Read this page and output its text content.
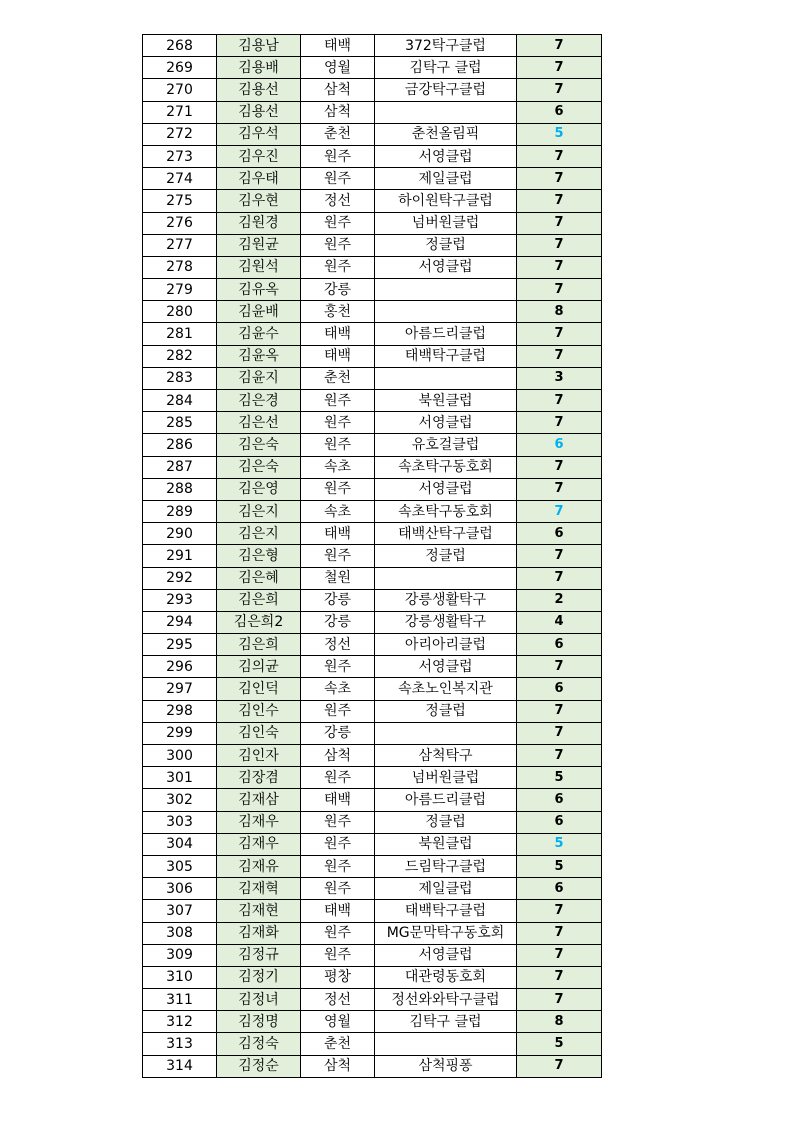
268	김용남	태백	372탁구클럽	7
269	김용배	영월	김탁구 클럽	7
270	김용선	삼척	금강탁구클럽	7
271	김용선	삼척		6
272	김우석	춘천	춘천올림픽	5
273	김우진	원주	서영클럽	7
274	김우태	원주	제일클럽	7
275	김우현	정선	하이원탁구클럽	7
276	김원경	원주	넘버원클럽	7
277	김원균	원주	정클럽	7
278	김원석	원주	서영클럽	7
279	김유옥	강릉		7
280	김윤배	홍천		8
281	김윤수	태백	아름드리클럽	7
282	김윤옥	태백	태백탁구클럽	7
283	김윤지	춘천		3
284	김은경	원주	북원클럽	7
285	김은선	원주	서영클럽	7
286	김은숙	원주	유호걸클럽	6
287	김은숙	속초	속초탁구동호회	7
288	김은영	원주	서영클럽	7
289	김은지	속초	속초탁구동호회	7
290	김은지	태백	태백산탁구클럽	6
291	김은형	원주	정클럽	7
292	김은혜	철원		7
293	김은희	강릉	강릉생활탁구	2
294	김은희2	강릉	강릉생활탁구	4
295	김은희	정선	아리아리클럽	6
296	김의균	원주	서영클럽	7
297	김인덕	속초	속초노인복지관	6
298	김인수	원주	정클럽	7
299	김인숙	강릉		7
300	김인자	삼척	삼척탁구	7
301	김장겸	원주	넘버원클럽	5
302	김재삼	태백	아름드리클럽	6
303	김재우	원주	정클럽	6
304	김재우	원주	북원클럽	5
305	김재유	원주	드림탁구클럽	5
306	김재혁	원주	제일클럽	6
307	김재현	태백	태백탁구클럽	7
308	김재화	원주	MG문막탁구동호회	7
309	김정규	원주	서영클럽	7
310	김정기	평창	대관령동호회	7
311	김정녀	정선	정선와와탁구클럽	7
312	김정명	영월	김탁구 클럽	8
313	김정숙	춘천		5
314	김정순	삼척	삼척핑퐁	7
